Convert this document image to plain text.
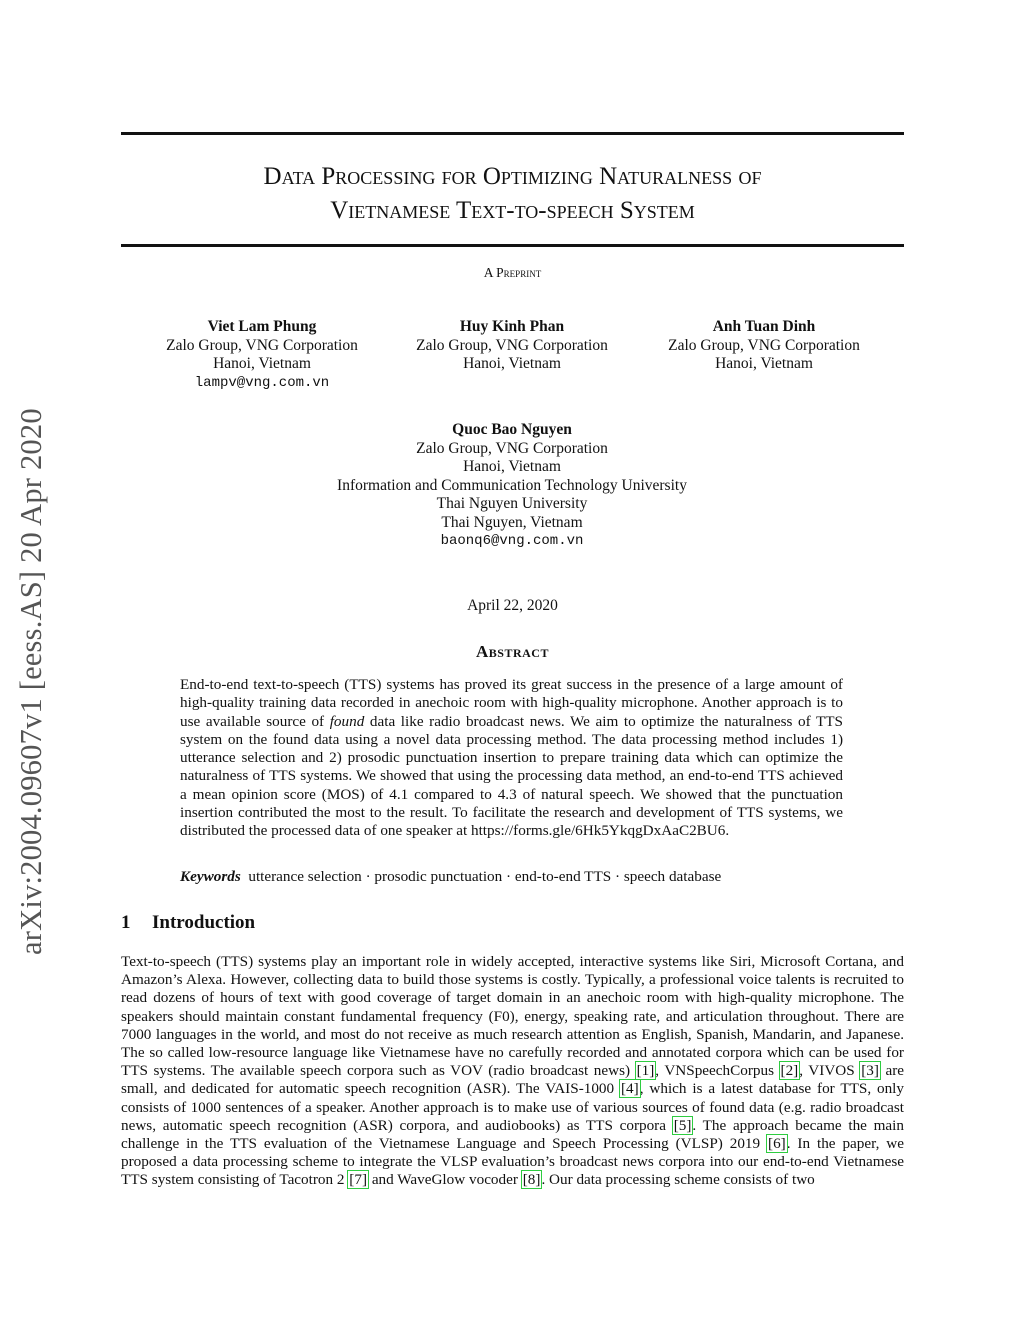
arXiv:2004.09607v1 [eess.AS] 20 Apr 2020
Data Processing for Optimizing Naturalness of
Vietnamese Text-to-speech System
A Preprint
Viet Lam Phung
Zalo Group, VNG Corporation
Hanoi, Vietnam
lampv@vng.com.vn
Huy Kinh Phan
Zalo Group, VNG Corporation
Hanoi, Vietnam
Anh Tuan Dinh
Zalo Group, VNG Corporation
Hanoi, Vietnam
Quoc Bao Nguyen
Zalo Group, VNG Corporation
Hanoi, Vietnam
Information and Communication Technology University
Thai Nguyen University
Thai Nguyen, Vietnam
baonq6@vng.com.vn
April 22, 2020
Abstract
End-to-end text-to-speech (TTS) systems has proved its great success in the presence of a large amount of high-quality training data recorded in anechoic room with high-quality microphone. Another approach is to use available source of found data like radio broadcast news. We aim to optimize the naturalness of TTS system on the found data using a novel data processing method. The data processing method includes 1) utterance selection and 2) prosodic punctuation insertion to prepare training data which can optimize the naturalness of TTS systems. We showed that using the processing data method, an end-to-end TTS achieved a mean opinion score (MOS) of 4.1 compared to 4.3 of natural speech. We showed that the punctuation insertion contributed the most to the result. To facilitate the research and development of TTS systems, we distributed the processed data of one speaker at https://forms.gle/6Hk5YkqgDxAaC2BU6.
Keywords utterance selection · prosodic punctuation · end-to-end TTS · speech database
1 Introduction
Text-to-speech (TTS) systems play an important role in widely accepted, interactive systems like Siri, Microsoft Cortana, and Amazon’s Alexa. However, collecting data to build those systems is costly. Typically, a professional voice talents is recruited to read dozens of hours of text with good coverage of target domain in an anechoic room with high-quality microphone. The speakers should maintain constant fundamental frequency (F0), energy, speaking rate, and articulation throughout. There are 7000 languages in the world, and most do not receive as much research attention as English, Spanish, Mandarin, and Japanese. The so called low-resource language like Vietnamese have no carefully recorded and annotated corpora which can be used for TTS systems. The available speech corpora such as VOV (radio broadcast news) [1], VNSpeechCorpus [2], VIVOS [3] are small, and dedicated for automatic speech recognition (ASR). The VAIS-1000 [4], which is a latest database for TTS, only consists of 1000 sentences of a speaker. Another approach is to make use of various sources of found data (e.g. radio broadcast news, automatic speech recognition (ASR) corpora, and audiobooks) as TTS corpora [5]. The approach became the main challenge in the TTS evaluation of the Vietnamese Language and Speech Processing (VLSP) 2019 [6]. In the paper, we proposed a data processing scheme to integrate the VLSP evaluation’s broadcast news corpora into our end-to-end Vietnamese TTS system consisting of Tacotron 2 [7] and WaveGlow vocoder [8]. Our data processing scheme consists of two
